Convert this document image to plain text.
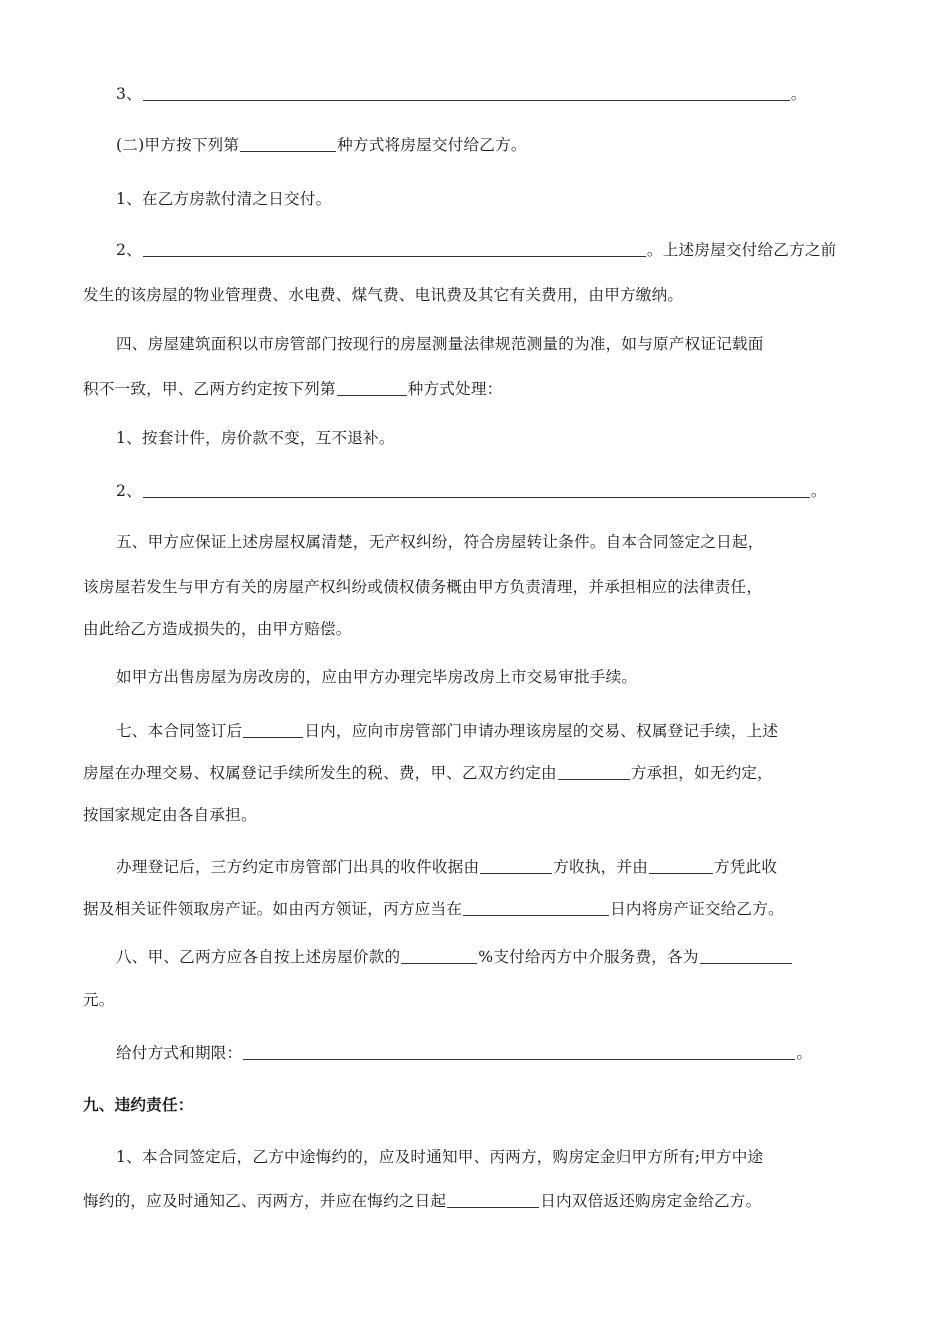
3、	。
(二)甲方按下列第	种方式将房屋交付给乙方。
1、在乙方房款付清之日交付。
2、	。上述房屋交付给乙方之前
发生的该房屋的物业管理费、水电费、煤气费、电讯费及其它有关费用，由甲方缴纳。
四、房屋建筑面积以市房管部门按现行的房屋测量法律规范测量的为准，如与原产权证记载面
积不一致，甲、乙两方约定按下列第	种方式处理：
1、按套计件，房价款不变，互不退补。
2、	。
五、甲方应保证上述房屋权属清楚，无产权纠纷，符合房屋转让条件。自本合同签定之日起，
该房屋若发生与甲方有关的房屋产权纠纷或债权债务概由甲方负责清理，并承担相应的法律责任，
由此给乙方造成损失的，由甲方赔偿。
如甲方出售房屋为房改房的，应由甲方办理完毕房改房上市交易审批手续。
七、本合同签订后	日内，应向市房管部门申请办理该房屋的交易、权属登记手续，上述
房屋在办理交易、权属登记手续所发生的税、费，甲、乙双方约定由	方承担，如无约定，
按国家规定由各自承担。
办理登记后，三方约定市房管部门出具的收件收据由	方收执，并由	方凭此收
据及相关证件领取房产证。如由丙方领证，丙方应当在	日内将房产证交给乙方。
八、甲、乙两方应各自按上述房屋价款的	%支付给丙方中介服务费，各为
元。
给付方式和期限：	。
九、违约责任：
1、本合同签定后，乙方中途悔约的，应及时通知甲、丙两方，购房定金归甲方所有;甲方中途
悔约的，应及时通知乙、丙两方，并应在悔约之日起	日内双倍返还购房定金给乙方。
